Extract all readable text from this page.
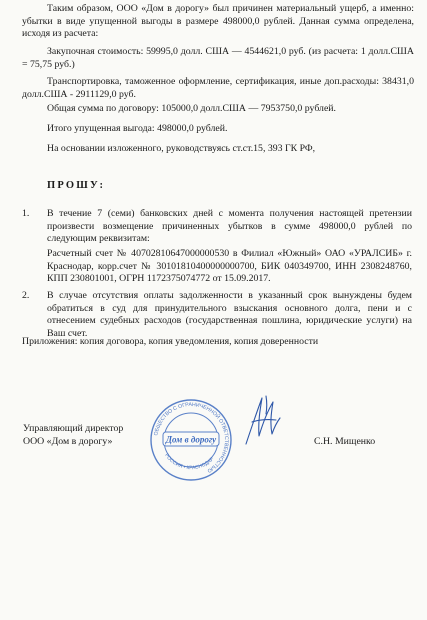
Таким образом, ООО «Дом в дорогу» был причинен материальный ущерб, а именно: убытки в виде упущенной выгоды в размере 498000,0 рублей. Данная сумма определена, исходя из расчета:

Закупочная стоимость: 59995,0 долл. США — 4544621,0 руб. (из расчета: 1 долл.США = 75,75 руб.)

Транспортировка, таможенное оформление, сертификация, иные доп.расходы: 38431,0 долл.США - 2911129,0 руб.

Общая сумма по договору: 105000,0 долл.США — 7953750,0 рублей.

Итого упущенная выгода: 498000,0 рублей.

На основании изложенного, руководствуясь ст.ст.15, 393 ГК РФ,

ПРОШУ:

1. В течение 7 (семи) банковских дней с момента получения настоящей претензии произвести возмещение причиненных убытков в сумме 498000,0 рублей по следующим реквизитам:

Расчетный счет № 40702810647000000530 в Филиал «Южный» ОАО «УРАЛСИБ» г. Краснодар, корр.счет № 30101810400000000700, БИК 040349700, ИНН 2308248760, КПП 230801001, ОГРН 1172375074772 от 15.09.2017.

2. В случае отсутствия оплаты задолженности в указанный срок вынуждены будем обратиться в суд для принудительного взыскания основного долга, пени и с отнесением судебных расходов (государственная пошлина, юридические услуги) на Ваш счет.

Приложения: копия договора, копия уведомления, копия доверенности

Управляющий директор
ООО «Дом в дорогу»
ОБЩЕСТВО С ОГРАНИЧЕННОЙ ОТВЕТСТВЕННОСТЬЮ
РОССИЯ • КРАСНОДАР
Дом в дорогу	С.Н. Мищенко
